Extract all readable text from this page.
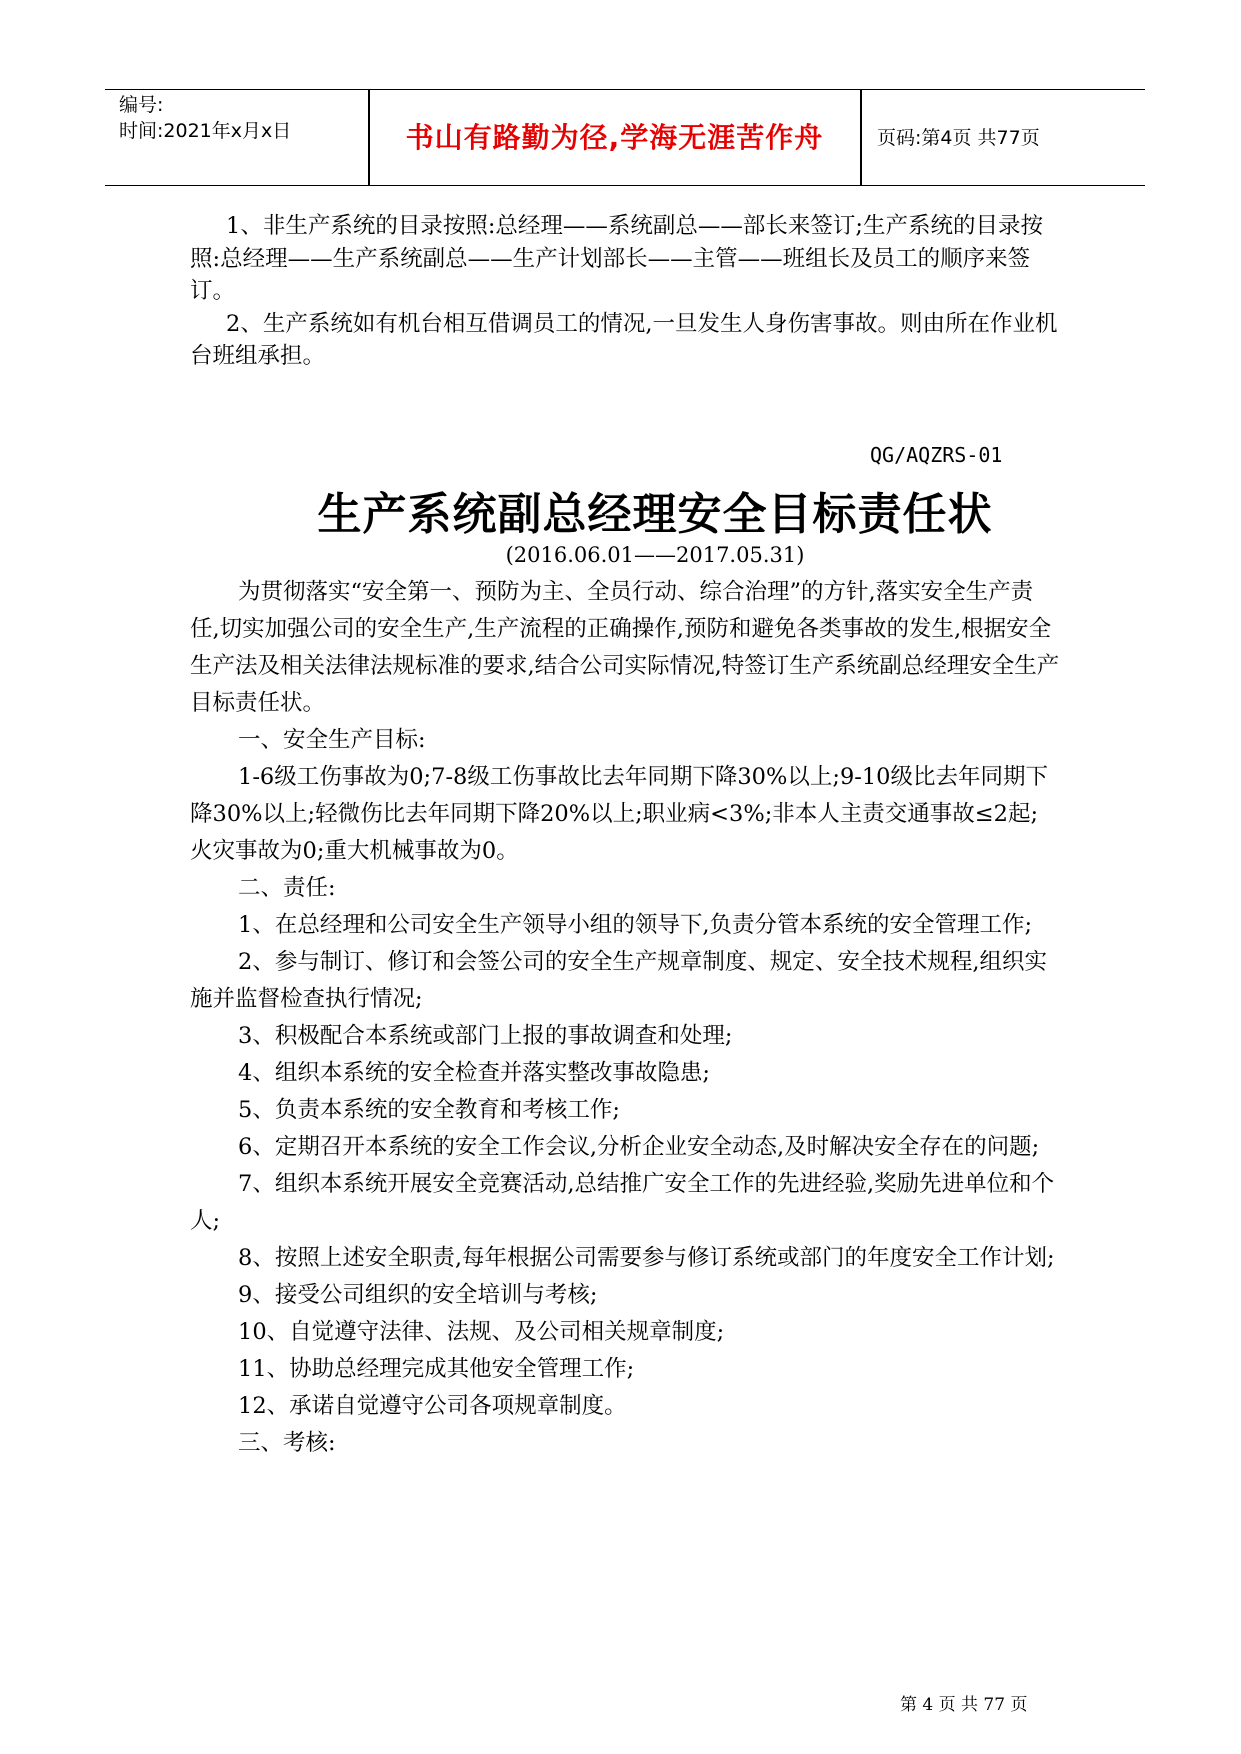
编号:
时间:2021年x月x日	书山有路勤为径,学海无涯苦作舟	页码:第4页 共77页

1、非生产系统的目录按照:总经理——系统副总——部长来签订;生产系统的目录按照:总经理——生产系统副总——生产计划部长——主管——班组长及员工的顺序来签订。

2、生产系统如有机台相互借调员工的情况,一旦发生人身伤害事故。则由所在作业机台班组承担。

QG/AQZRS-01
生产系统副总经理安全目标责任状
(2016.06.01——2017.05.31)

为贯彻落实“安全第一、预防为主、全员行动、综合治理”的方针,落实安全生产责任,切实加强公司的安全生产,生产流程的正确操作,预防和避免各类事故的发生,根据安全生产法及相关法律法规标准的要求,结合公司实际情况,特签订生产系统副总经理安全生产目标责任状。

一、安全生产目标:

1-6级工伤事故为0;7-8级工伤事故比去年同期下降30%以上;9-10级比去年同期下降30%以上;轻微伤比去年同期下降20%以上;职业病<3%;非本人主责交通事故≤2起;火灾事故为0;重大机械事故为0。

二、责任:

1、在总经理和公司安全生产领导小组的领导下,负责分管本系统的安全管理工作;

2、参与制订、修订和会签公司的安全生产规章制度、规定、安全技术规程,组织实施并监督检查执行情况;

3、积极配合本系统或部门上报的事故调查和处理;

4、组织本系统的安全检查并落实整改事故隐患;

5、负责本系统的安全教育和考核工作;

6、定期召开本系统的安全工作会议,分析企业安全动态,及时解决安全存在的问题;

7、组织本系统开展安全竞赛活动,总结推广安全工作的先进经验,奖励先进单位和个人;

8、按照上述安全职责,每年根据公司需要参与修订系统或部门的年度安全工作计划;

9、接受公司组织的安全培训与考核;

10、自觉遵守法律、法规、及公司相关规章制度;

11、协助总经理完成其他安全管理工作;

12、承诺自觉遵守公司各项规章制度。

三、考核:

第 4 页 共 77 页
